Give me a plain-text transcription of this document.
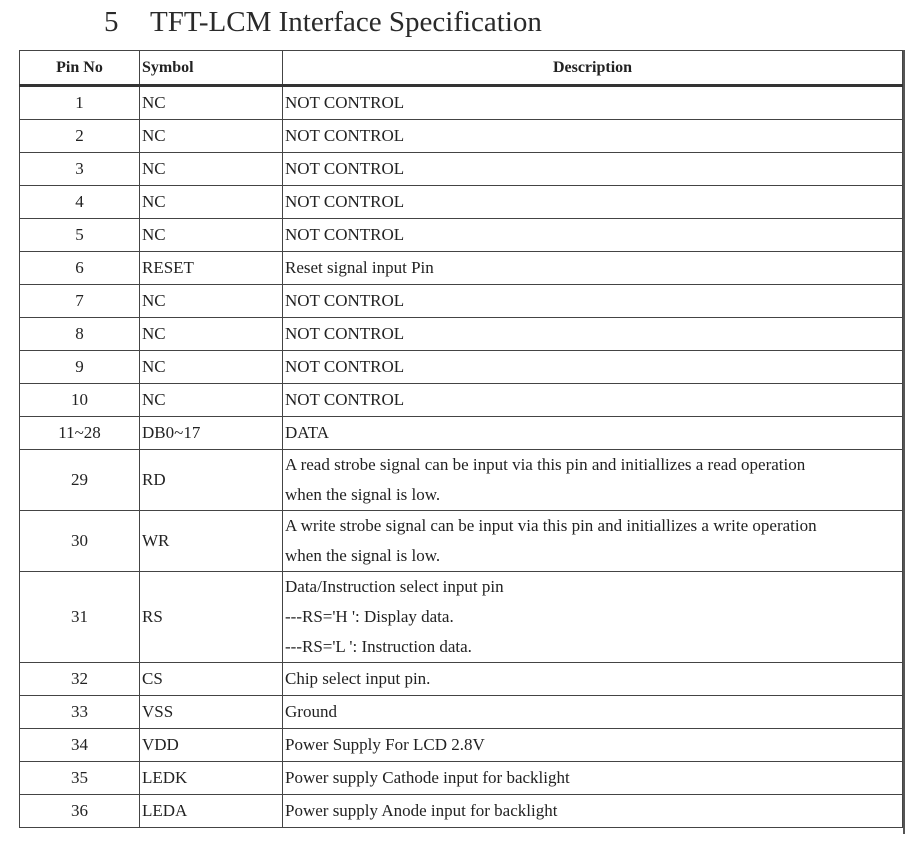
5 TFT-LCM Interface Specification
Pin No	Symbol	Description
1	NC	NOT CONTROL

2	NC	NOT CONTROL

3	NC	NOT CONTROL

4	NC	NOT CONTROL

5	NC	NOT CONTROL

6	RESET	Reset signal input Pin

7	NC	NOT CONTROL

8	NC	NOT CONTROL

9	NC	NOT CONTROL

10	NC	NOT CONTROL

11~28	DB0~17	DATA

29	RD	A read strobe signal can be input via this pin and initiallizes a read operation
when the signal is low.

30	WR	A write strobe signal can be input via this pin and initiallizes a write operation
when the signal is low.

31	RS	Data/Instruction select input pin
---RS='H ': Display data.
---RS='L ': Instruction data.

32	CS	Chip select input pin.

33	VSS	Ground

34	VDD	Power Supply For LCD 2.8V

35	LEDK	Power supply Cathode input for backlight

36	LEDA	Power supply Anode input for backlight
